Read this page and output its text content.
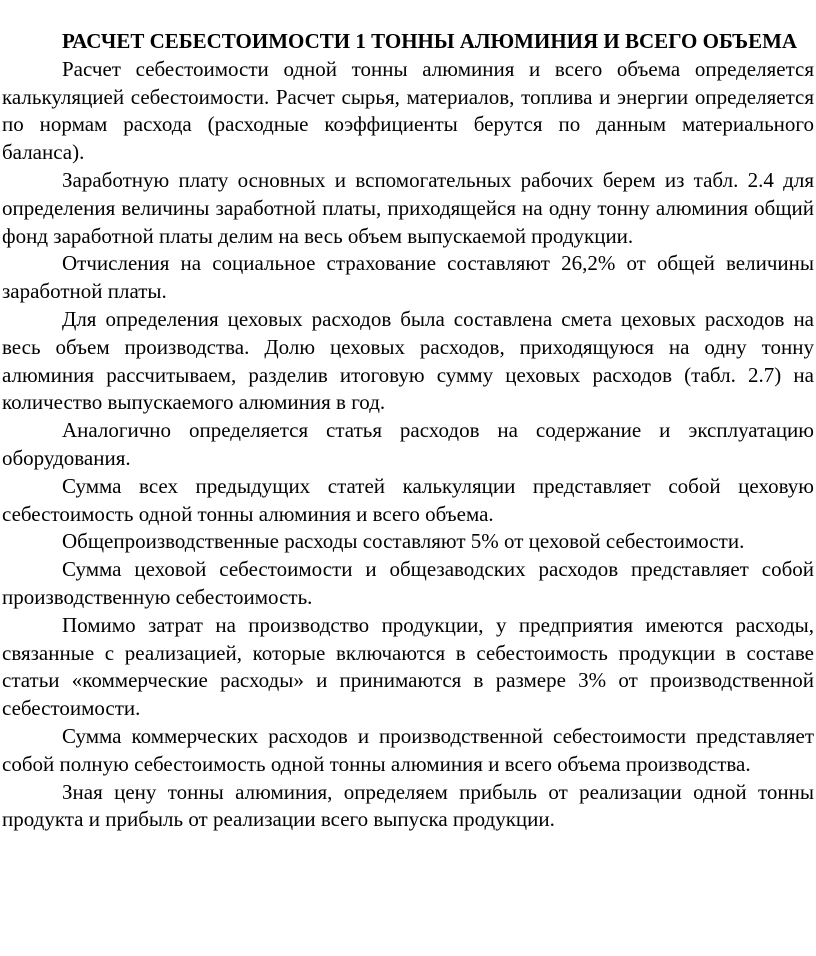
РАСЧЕТ СЕБЕСТОИМОСТИ 1 ТОННЫ АЛЮМИНИЯ И ВСЕГО ОБЪЕМА

Расчет себестоимости одной тонны алюминия и всего объема определяется калькуляцией себестоимости. Расчет сырья, материалов, топлива и энергии определяется по нормам расхода (расходные коэффициенты берутся по данным материального баланса).

Заработную плату основных и вспомогательных рабочих берем из табл. 2.4 для определения величины заработной платы, приходящейся на одну тонну алюминия общий фонд заработной платы делим на весь объем выпускаемой продукции.

Отчисления на социальное страхование составляют 26,2% от общей величины заработной платы.

Для определения цеховых расходов была составлена смета цеховых расходов на весь объем производства. Долю цеховых расходов, приходящуюся на одну тонну алюминия рассчитываем, разделив итоговую сумму цеховых расходов (табл. 2.7) на количество выпускаемого алюминия в год.

Аналогично определяется статья расходов на содержание и эксплуатацию оборудования.

Сумма всех предыдущих статей калькуляции представляет собой цеховую себестоимость одной тонны алюминия и всего объема.

Общепроизводственные расходы составляют 5% от цеховой себестоимости.

Сумма цеховой себестоимости и общезаводских расходов представляет собой производственную себестоимость.

Помимо затрат на производство продукции, у предприятия имеются расходы, связанные с реализацией, которые включаются в себестоимость продукции в составе статьи «коммерческие расходы» и принимаются в размере 3% от производственной себестоимости.

Сумма коммерческих расходов и производственной себестоимости представляет собой полную себестоимость одной тонны алюминия и всего объема производства.

Зная цену тонны алюминия, определяем прибыль от реализации одной тонны продукта и прибыль от реализации всего выпуска продукции.
